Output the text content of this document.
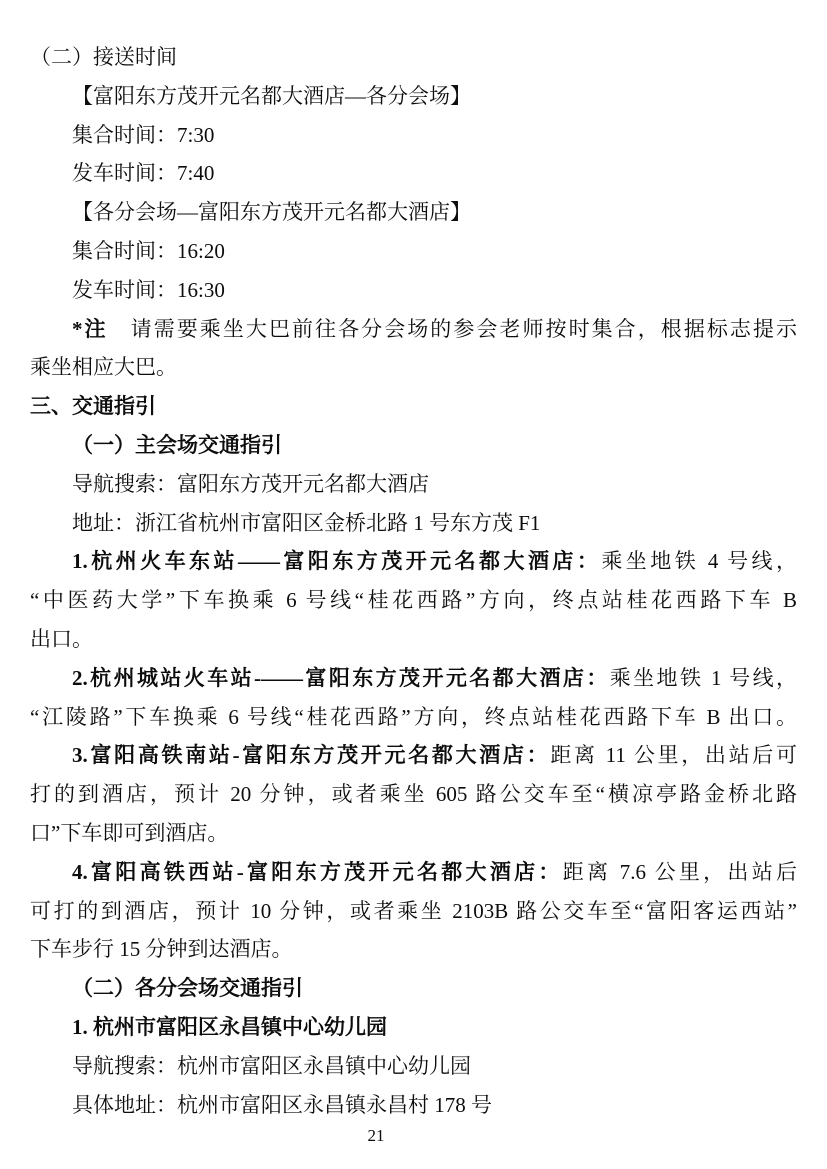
（二）接送时间
【富阳东方茂开元名都大酒店—各分会场】
集合时间：7:30
发车时间：7:40
【各分会场—富阳东方茂开元名都大酒店】
集合时间：16:20
发车时间：16:30
*注　请需要乘坐大巴前往各分会场的参会老师按时集合，根据标志提示
乘坐相应大巴。
三、交通指引
（一）主会场交通指引
导航搜索：富阳东方茂开元名都大酒店
地址：浙江省杭州市富阳区金桥北路 1 号东方茂 F1
1.杭州火车东站——富阳东方茂开元名都大酒店：乘坐地铁 4 号线，
“中医药大学”下车换乘 6 号线“桂花西路”方向，终点站桂花西路下车 B
出口。
2.杭州城站火车站-——富阳东方茂开元名都大酒店：乘坐地铁 1 号线，
“江陵路”下车换乘 6 号线“桂花西路”方向，终点站桂花西路下车 B 出口。
3.富阳高铁南站-富阳东方茂开元名都大酒店：距离 11 公里，出站后可
打的到酒店，预计 20 分钟，或者乘坐 605 路公交车至“横凉亭路金桥北路
口”下车即可到酒店。
4.富阳高铁西站-富阳东方茂开元名都大酒店：距离 7.6 公里，出站后
可打的到酒店，预计 10 分钟，或者乘坐 2103B 路公交车至“富阳客运西站”
下车步行 15 分钟到达酒店。
（二）各分会场交通指引
1. 杭州市富阳区永昌镇中心幼儿园
导航搜索：杭州市富阳区永昌镇中心幼儿园
具体地址：杭州市富阳区永昌镇永昌村 178 号
21
